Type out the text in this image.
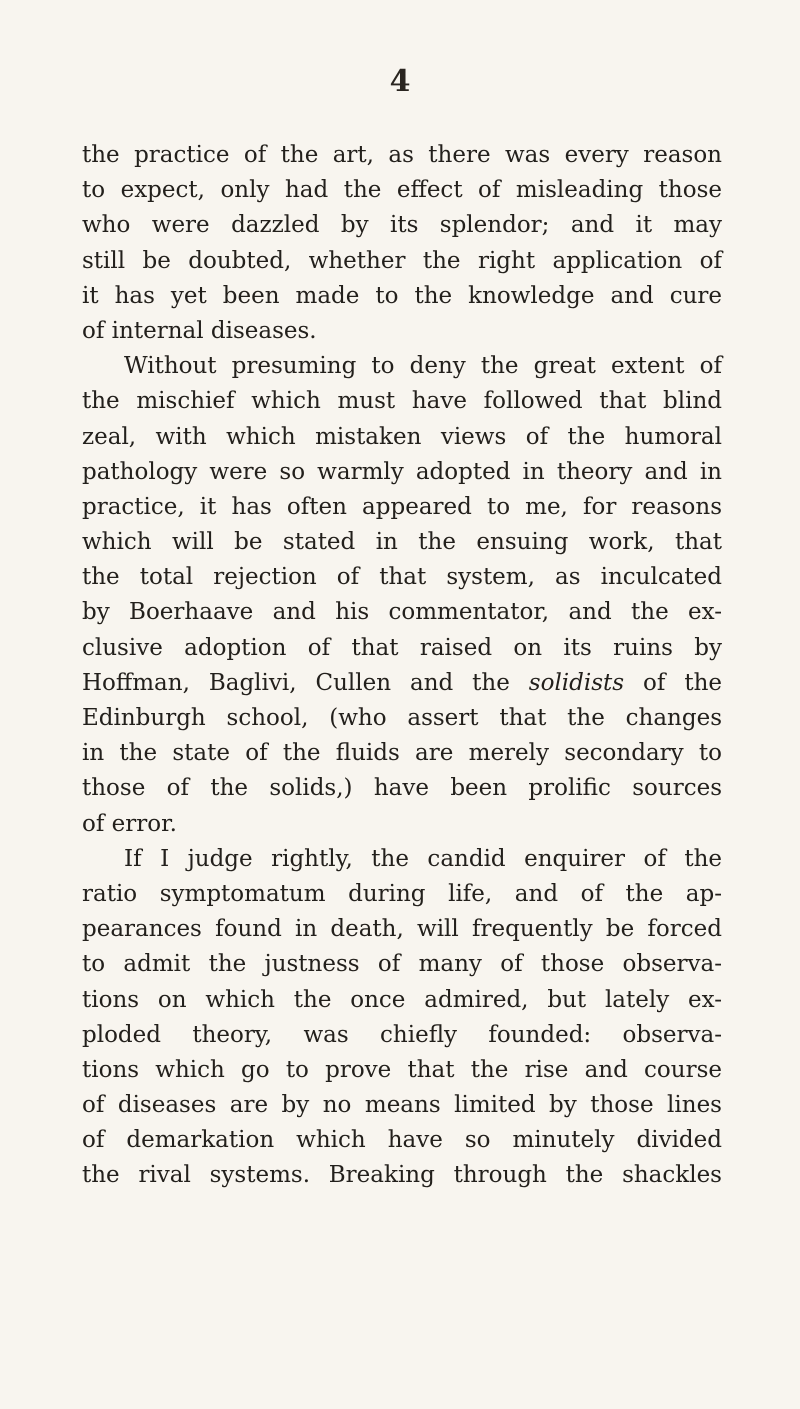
4
the practice of the art, as there was every reason
to expect, only had the effect of misleading those
who were dazzled by its splendor; and it may
still be doubted, whether the right application of
it has yet been made to the knowledge and cure
of internal diseases.
Without presuming to deny the great extent of
the mischief which must have followed that blind
zeal, with which mistaken views of the humoral
pathology were so warmly adopted in theory and in
practice, it has often appeared to me, for reasons
which will be stated in the ensuing work, that
the total rejection of that system, as inculcated
by Boerhaave and his commentator, and the ex-
clusive adoption of that raised on its ruins by
Hoffman, Baglivi, Cullen and the solidists of the
Edinburgh school, (who assert that the changes
in the state of the fluids are merely secondary to
those of the solids,) have been prolific sources
of error.
If I judge rightly, the candid enquirer of the
ratio symptomatum during life, and of the ap-
pearances found in death, will frequently be forced
to admit the justness of many of those observa-
tions on which the once admired, but lately ex-
ploded theory, was chiefly founded: observa-
tions which go to prove that the rise and course
of diseases are by no means limited by those lines
of demarkation which have so minutely divided
the rival systems. Breaking through the shackles
